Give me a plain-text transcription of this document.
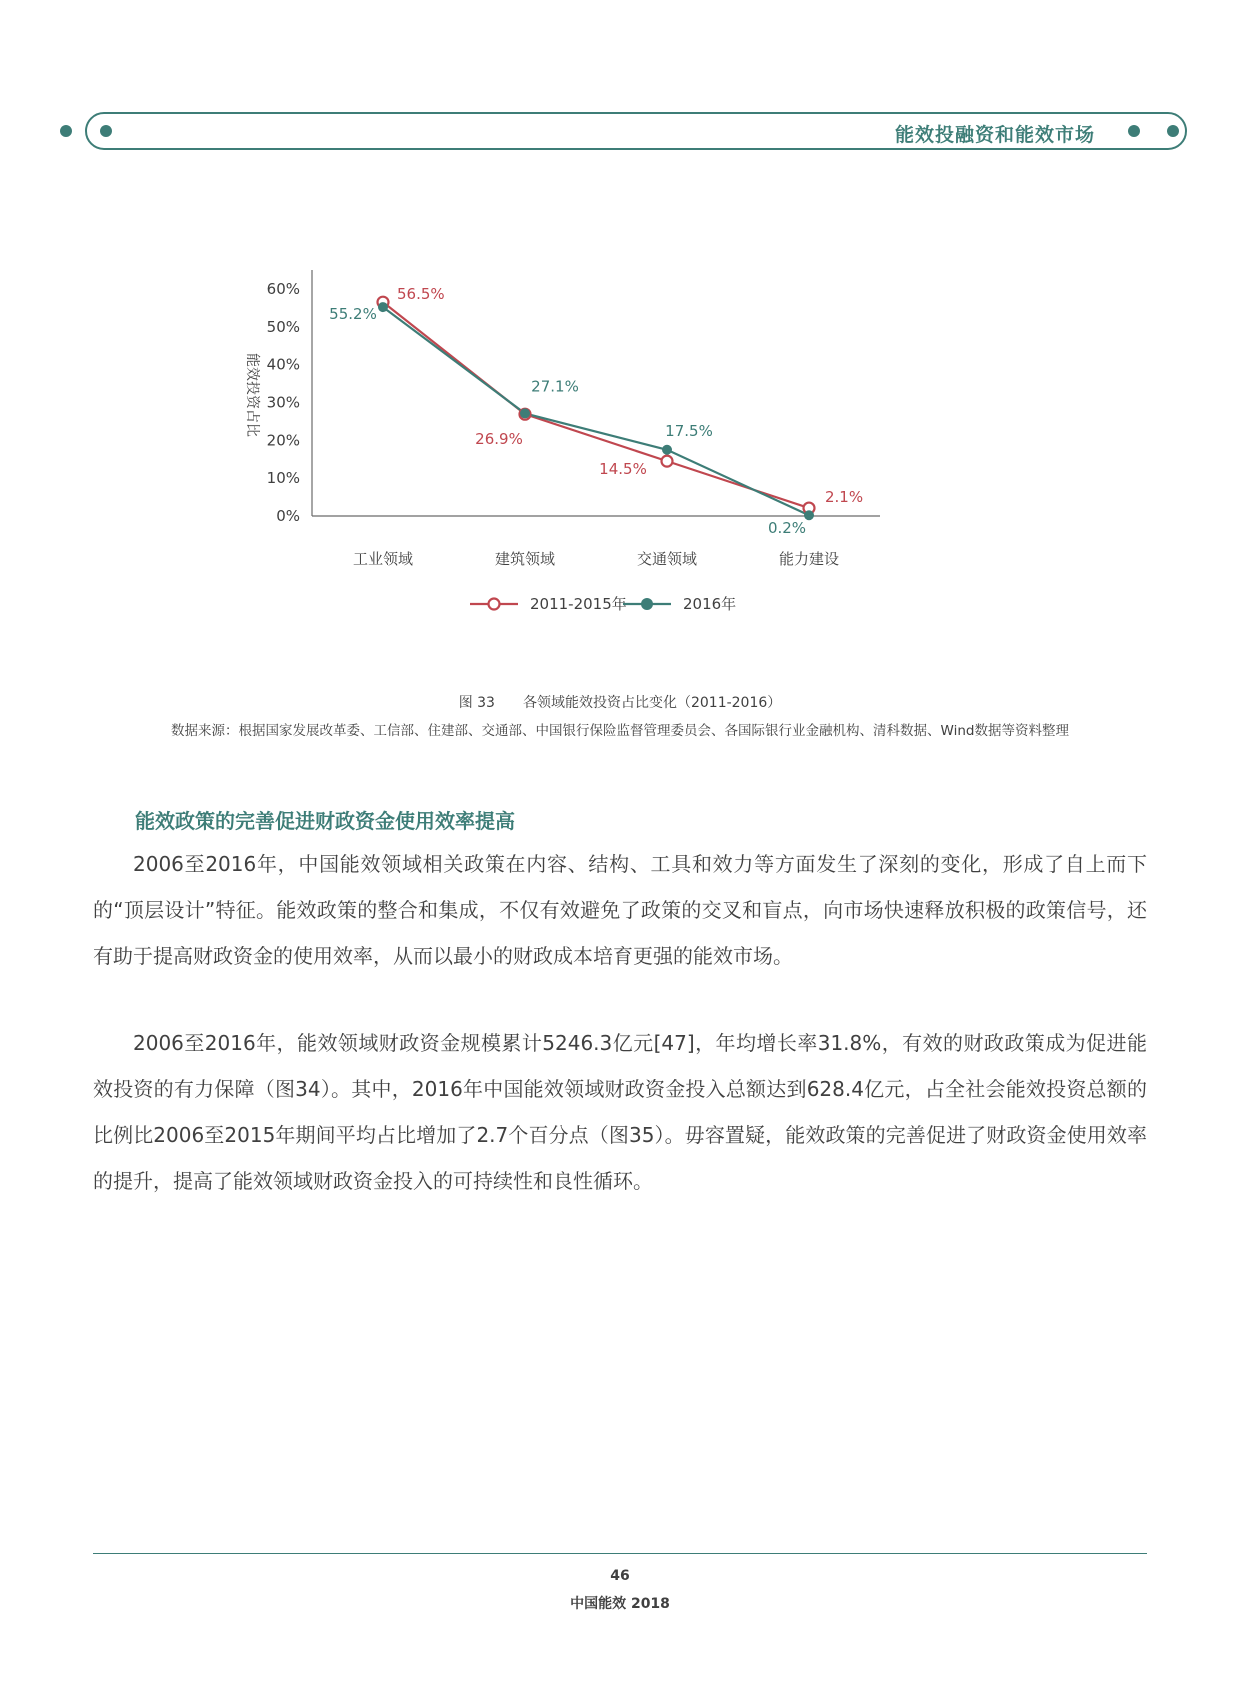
能效投融资和能效市场
0%
10%
20%
30%
40%
50%
60%
工业领域	建筑领域	交通领域	能力建设
56.5%
26.9%
14.5%
2.1%
55.2%
27.1%
17.5%
0.2%
2011-2015年	2016年
能效投资占比
图 33 各领域能效投资占比变化（2011-2016）
数据来源：根据国家发展改革委、工信部、住建部、交通部、中国银行保险监督管理委员会、各国际银行业金融机构、清科数据、Wind数据等资料整理
能效政策的完善促进财政资金使用效率提高

2006至2016年，中国能效领域相关政策在内容、结构、工具和效力等方面发生了深刻的变化，形成了自上而下的“顶层设计”特征。能效政策的整合和集成，不仅有效避免了政策的交叉和盲点，向市场快速释放积极的政策信号，还有助于提高财政资金的使用效率，从而以最小的财政成本培育更强的能效市场。

2006至2016年，能效领域财政资金规模累计5246.3亿元[47]，年均增长率31.8%，有效的财政政策成为促进能效投资的有力保障（图34）。其中，2016年中国能效领域财政资金投入总额达到628.4亿元，占全社会能效投资总额的比例比2006至2015年期间平均占比增加了2.7个百分点（图35）。毋容置疑，能效政策的完善促进了财政资金使用效率的提升，提高了能效领域财政资金投入的可持续性和良性循环。

46
中国能效 2018
